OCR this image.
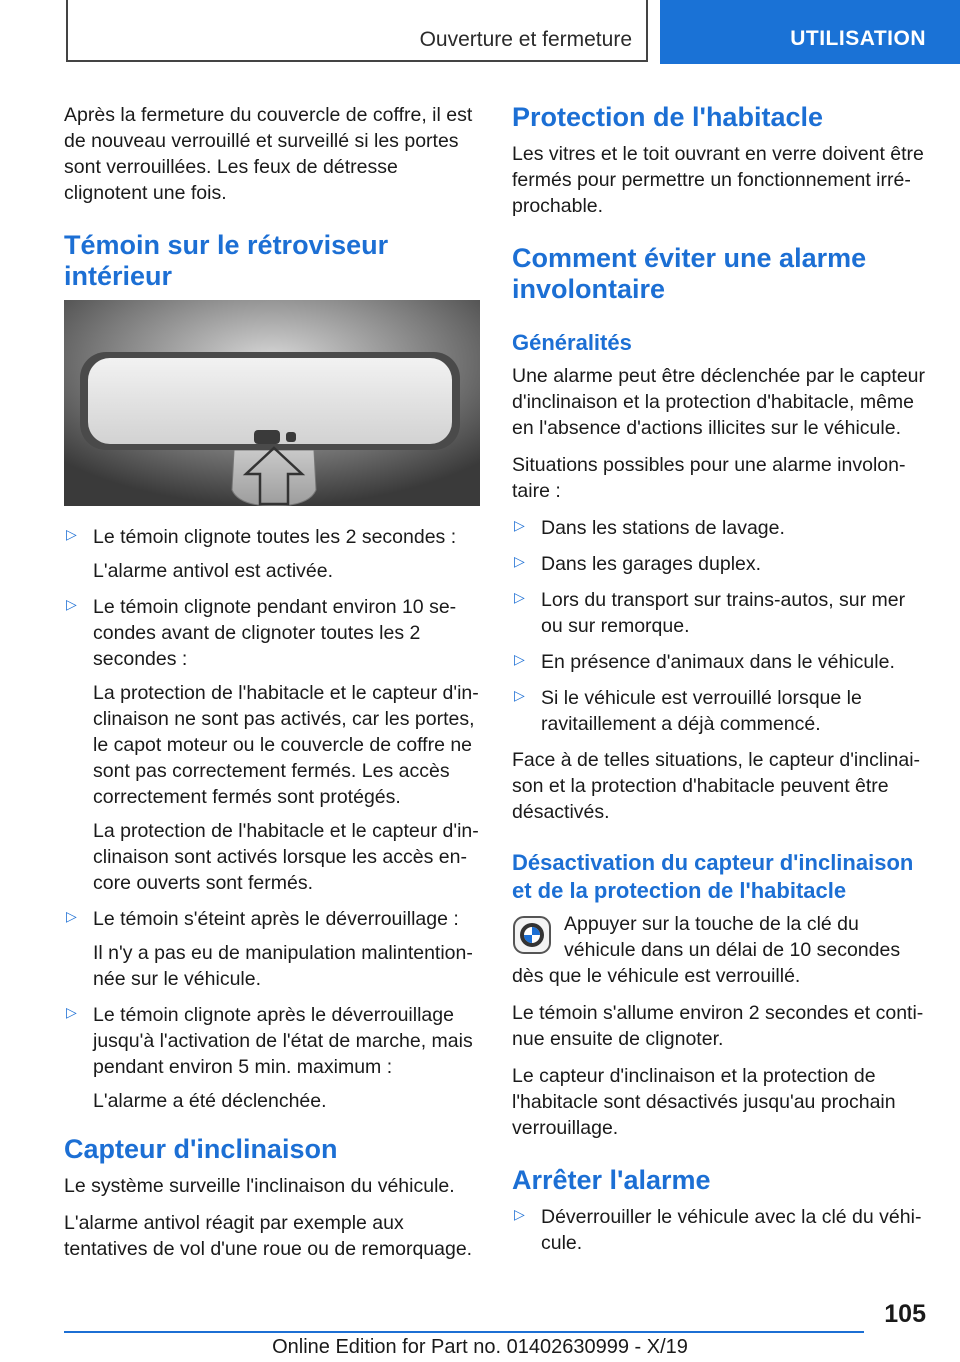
Ouverture et fermeture	UTILISATION

Après la fermeture du couvercle de coffre, il est de nouveau verrouillé et surveillé si les portes sont verrouillées. Les feux de détresse clignotent une fois.

Témoin sur le rétroviseur intérieur
▷ Le témoin clignote toutes les 2 secondes :

L'alarme antivol est activée.

▷ Le témoin clignote pendant environ 10 secondes avant de clignoter toutes les 2 secondes :

La protection de l'habitacle et le capteur d'inclinaison ne sont pas activés, car les portes, le capot moteur ou le couvercle de coffre ne sont pas correctement fermés. Les accès correctement fermés sont protégés.

La protection de l'habitacle et le capteur d'inclinaison sont activés lorsque les accès encore ouverts sont fermés.

▷ Le témoin s'éteint après le déverrouillage :

Il n'y a pas eu de manipulation malintentionnée sur le véhicule.

▷ Le témoin clignote après le déverrouillage jusqu'à l'activation de l'état de marche, mais pendant environ 5 min. maximum :

L'alarme a été déclenchée.

Capteur d'inclinaison

Le système surveille l'inclinaison du véhicule.

L'alarme antivol réagit par exemple aux tentatives de vol d'une roue ou de remorquage.

Protection de l'habitacle

Les vitres et le toit ouvrant en verre doivent être fermés pour permettre un fonctionnement irréprochable.

Comment éviter une alarme involontaire
Généralités

Une alarme peut être déclenchée par le capteur d'inclinaison et la protection d'habitacle, même en l'absence d'actions illicites sur le véhicule.

Situations possibles pour une alarme involontaire :

▷ Dans les stations de lavage.

▷ Dans les garages duplex.

▷ Lors du transport sur trains-autos, sur mer ou sur remorque.

▷ En présence d'animaux dans le véhicule.

▷ Si le véhicule est verrouillé lorsque le ravitaillement a déjà commencé.

Face à de telles situations, le capteur d'inclinaison et la protection d'habitacle peuvent être désactivés.

Désactivation du capteur d'inclinaison et de la protection de l'habitacle

Appuyer sur la touche de la clé du véhicule dans un délai de 10 secondes dès que le véhicule est verrouillé.

Le témoin s'allume environ 2 secondes et continue ensuite de clignoter.

Le capteur d'inclinaison et la protection de l'habitacle sont désactivés jusqu'au prochain verrouillage.

Arrêter l'alarme
▷ Déverrouiller le véhicule avec la clé du véhicule.

105
Online Edition for Part no. 01402630999 - X/19
